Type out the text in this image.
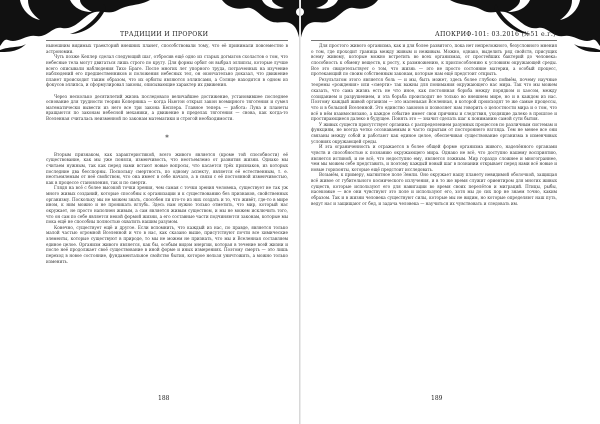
ТРАДИЦИИ И ПРОРОКИ

нынешним видимых траекторий внешних планет, способствовали тому, что её принимали повсеместно в астрономии.

Чуть позже Кеплер сделал следующий шаг, отбросив ещё одно из старых догматов схоластов о том, что небесные тела могут двигаться лишь строго по кругу. Для формы орбит он выбрал эллипсы, которые лучше всего описывали наблюдения Тихо Браге. После многих лет упорного труда, потраченных на изучение наблюдений его предшественников и положения небесных тел, он окончательно доказал, что движение планет происходит таким образом, что их орбиты являются эллипсами, а Солнце находится в одном из фокусов эллипса, и сформулировал законы, описывающие характер их движения.

Через несколько десятилетий жизнь последовало величайшее достижение, установившее последнее основание для трудности теории Коперника — когда Ньютон открыл закон всемирного тяготения и сумел математически вывести из него все три закона Кеплера. Главное теперь — работа: Луна и планеты вращаются по законам небесной механики, а движение в пределах тяготения — снова, как когда-то Вселенная считалась неизменной по законам математики и строгой необходимости.

*

Вторым признаком, как характеристикой, всего живого является (кроме той способности) её существование, как мы уже поняли, изменчивость, что неотъемлемо от развития жизни. Однако мы считаем нужным, так как перед нами встают новые вопросы, что касается трёх признаков, из которых последние два бесспорны. Поскольку смертность, по одному аспекту, является её естественным, т. е. неотъемлемым от неё свойством, что она имеет в себе начало, а в связи с её постоянной изменчивостью, как в процессе становления, так и по смерти.

Глядя на всё с более высокой точки зрения, чем самая с точки зрения человека, существует не так уж много живых созданий, которые способны к организации и к существованию без признаков, свойственных организму. Поскольку мы не можем знать, способен ли кто-то из них создать и то, что живёт, где-то в мире ином, к ним можно и не проникать вглубь. Здесь нам нужно только отметить, что мир, который нас окружает, не просто наполнен живым, а сам является живым существом, и мы не можем исключить того, что он сам по себе является некой формой жизни, а его составные части подчиняются законам, которые мы пока ещё не способны полностью охватить нашим разумом.

Конечно, существует ещё и другое. Если вспомнить, что каждый из нас, по правде, является только малой частью огромной Вселенной и что в нас, как сказано выше, присутствуют почти все химические элементы, которые существуют в природе, то мы не можем не признать, что мы и Вселенная составляем единое целое. Организм живого является, как бы, особым видом энергии, которая в течение всей жизни и после неё продолжает своё существование в иной форме и иных измерениях. Поэтому смерть — это лишь переход в новое состояние, фундаментальное свойство бытия, которое нельзя уничтожить, а можно только изменить.

188
АПОКРИФ-101: 03.2016 (№51 е.г.)

Для простого живого организма, как и для более развитого, пока нет непреложного, безусловного мнения о том, где проходит граница между живым и неживым. Можно, однако, выделить ряд свойств, присущих всему живому, которые можно встретить во всех организмах, от простейших бактерий до человека: способность к обмену веществ, к росту, к размножению, к приспособлению к условиям окружающей среды. Все это свидетельствует о том, что жизнь — это не просто состояние материи, а особый процесс, протекающий по своим собственным законам, которые нам ещё предстоит открыть.

Результатом этого является боль — и мы, быть может, здесь более глубоко поймём, почему научные теоремы «рождения» или «смерти» так важны для понимания окружающего нас мира. Так что мы можем сказать, что сама жизнь есть не что иное, как постоянная борьба между порядком и хаосом, между созиданием и разрушением, и эта борьба происходит не только во внешнем мире, но и в каждом из нас. Поэтому каждый живой организм — это маленькая Вселенная, в которой происходят те же самые процессы, что и в большой Вселенной. Это единство законов и позволяет нам говорить о целостности мира и о том, что всё в нём взаимосвязано, а каждое событие имеет свои причины и следствия, уходящие далеко в прошлое и простирающиеся далеко в будущее. Понять это — значит сделать шаг к пониманию самой сути бытия.

У живых существ присутствует органика с распределением разумных процессов по различным системам и функциям, не всегда четко осознаваемым и часто скрытым от постороннего взгляда. Тем не менее все они связаны между собой и работают как единое целое, обеспечивая существование организма в изменчивых условиях окружающей среды.

И эта ограниченность и отражается в более общей форме организма живого, наделённого органами чувств и способностью к познанию окружающего мира. Однако не всё, что доступно нашему восприятию, является истиной, и не всё, что недоступно ему, является ложным. Мир гораздо сложнее и многограннее, чем мы можем себе представить, и поэтому каждый новый шаг в познании открывает перед нами всё новые и новые горизонты, которые ещё предстоит исследовать.

Возьмём, к примеру, магнитное поле Земли. Оно окружает нашу планету невидимой оболочкой, защищая всё живое от губительного космического излучения, и в то же время служит ориентиром для многих живых существ, которые используют его для навигации во время своих перелётов и миграций. Птицы, рыбы, насекомые — все они чувствуют это поле и используют его, хотя мы до сих пор не знаем точно, каким образом. Так и в жизни человека существуют силы, которые мы не видим, но которые определяют наш путь, ведут нас и защищают от бед, и задача человека — научиться их чувствовать и следовать им.

189
